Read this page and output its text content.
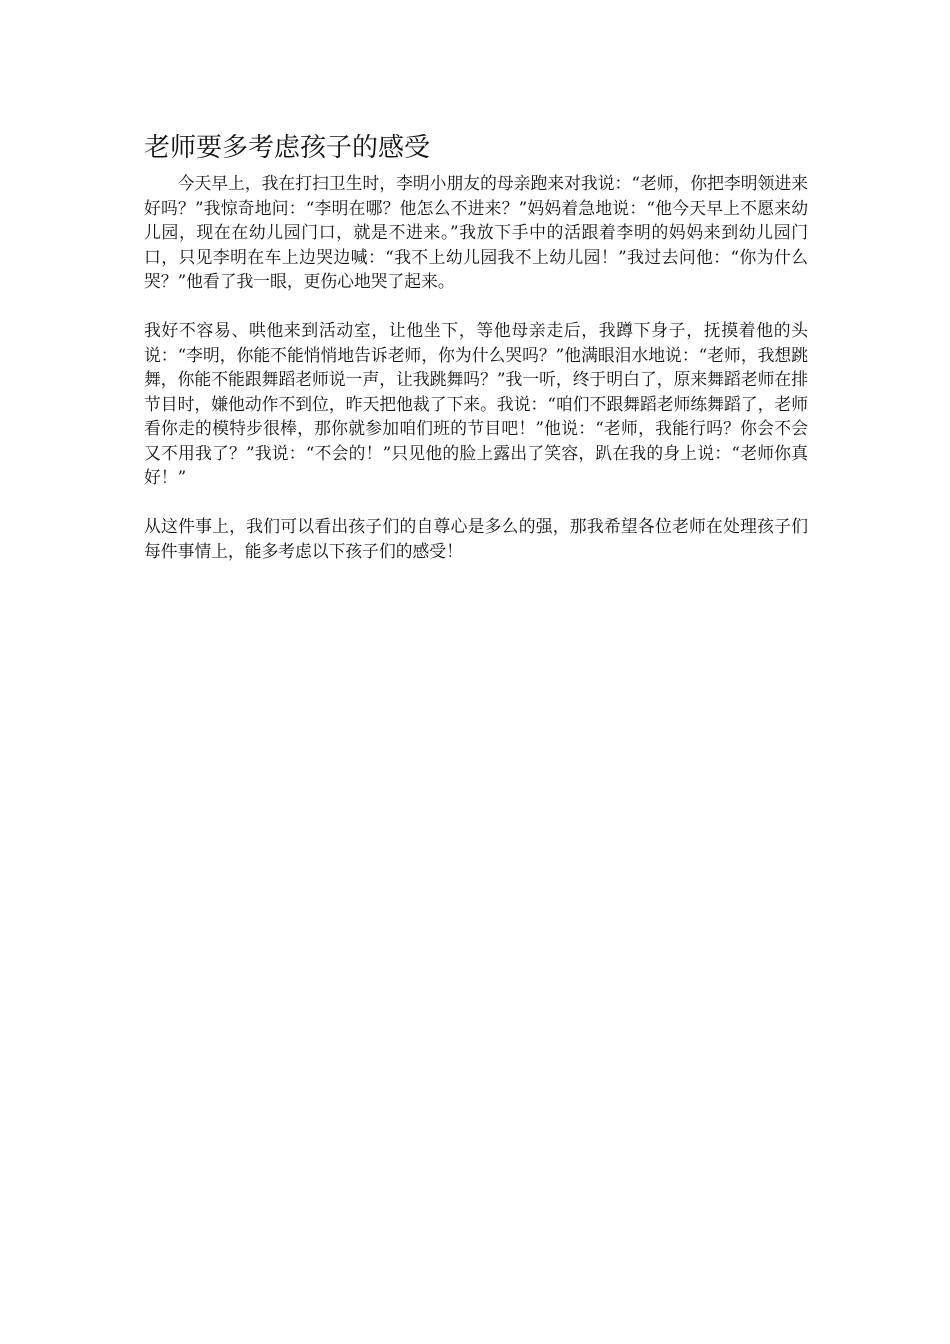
老师要多考虑孩子的感受

今天早上，我在打扫卫生时，李明小朋友的母亲跑来对我说：“老师，你把李明领进来好吗？”我惊奇地问：“李明在哪？他怎么不进来？”妈妈着急地说：“他今天早上不愿来幼儿园，现在在幼儿园门口，就是不进来。”我放下手中的活跟着李明的妈妈来到幼儿园门口，只见李明在车上边哭边喊：“我不上幼儿园我不上幼儿园！”我过去问他：“你为什么哭？”他看了我一眼，更伤心地哭了起来。

我好不容易、哄他来到活动室，让他坐下，等他母亲走后，我蹲下身子，抚摸着他的头说：“李明，你能不能悄悄地告诉老师，你为什么哭吗？”他满眼泪水地说：“老师，我想跳舞，你能不能跟舞蹈老师说一声，让我跳舞吗？”我一听，终于明白了，原来舞蹈老师在排节目时，嫌他动作不到位，昨天把他裁了下来。我说：“咱们不跟舞蹈老师练舞蹈了，老师看你走的模特步很棒，那你就参加咱们班的节目吧！”他说：“老师，我能行吗？你会不会又不用我了？”我说：“不会的！”只见他的脸上露出了笑容，趴在我的身上说：“老师你真好！”

从这件事上，我们可以看出孩子们的自尊心是多么的强，那我希望各位老师在处理孩子们每件事情上，能多考虑以下孩子们的感受！
